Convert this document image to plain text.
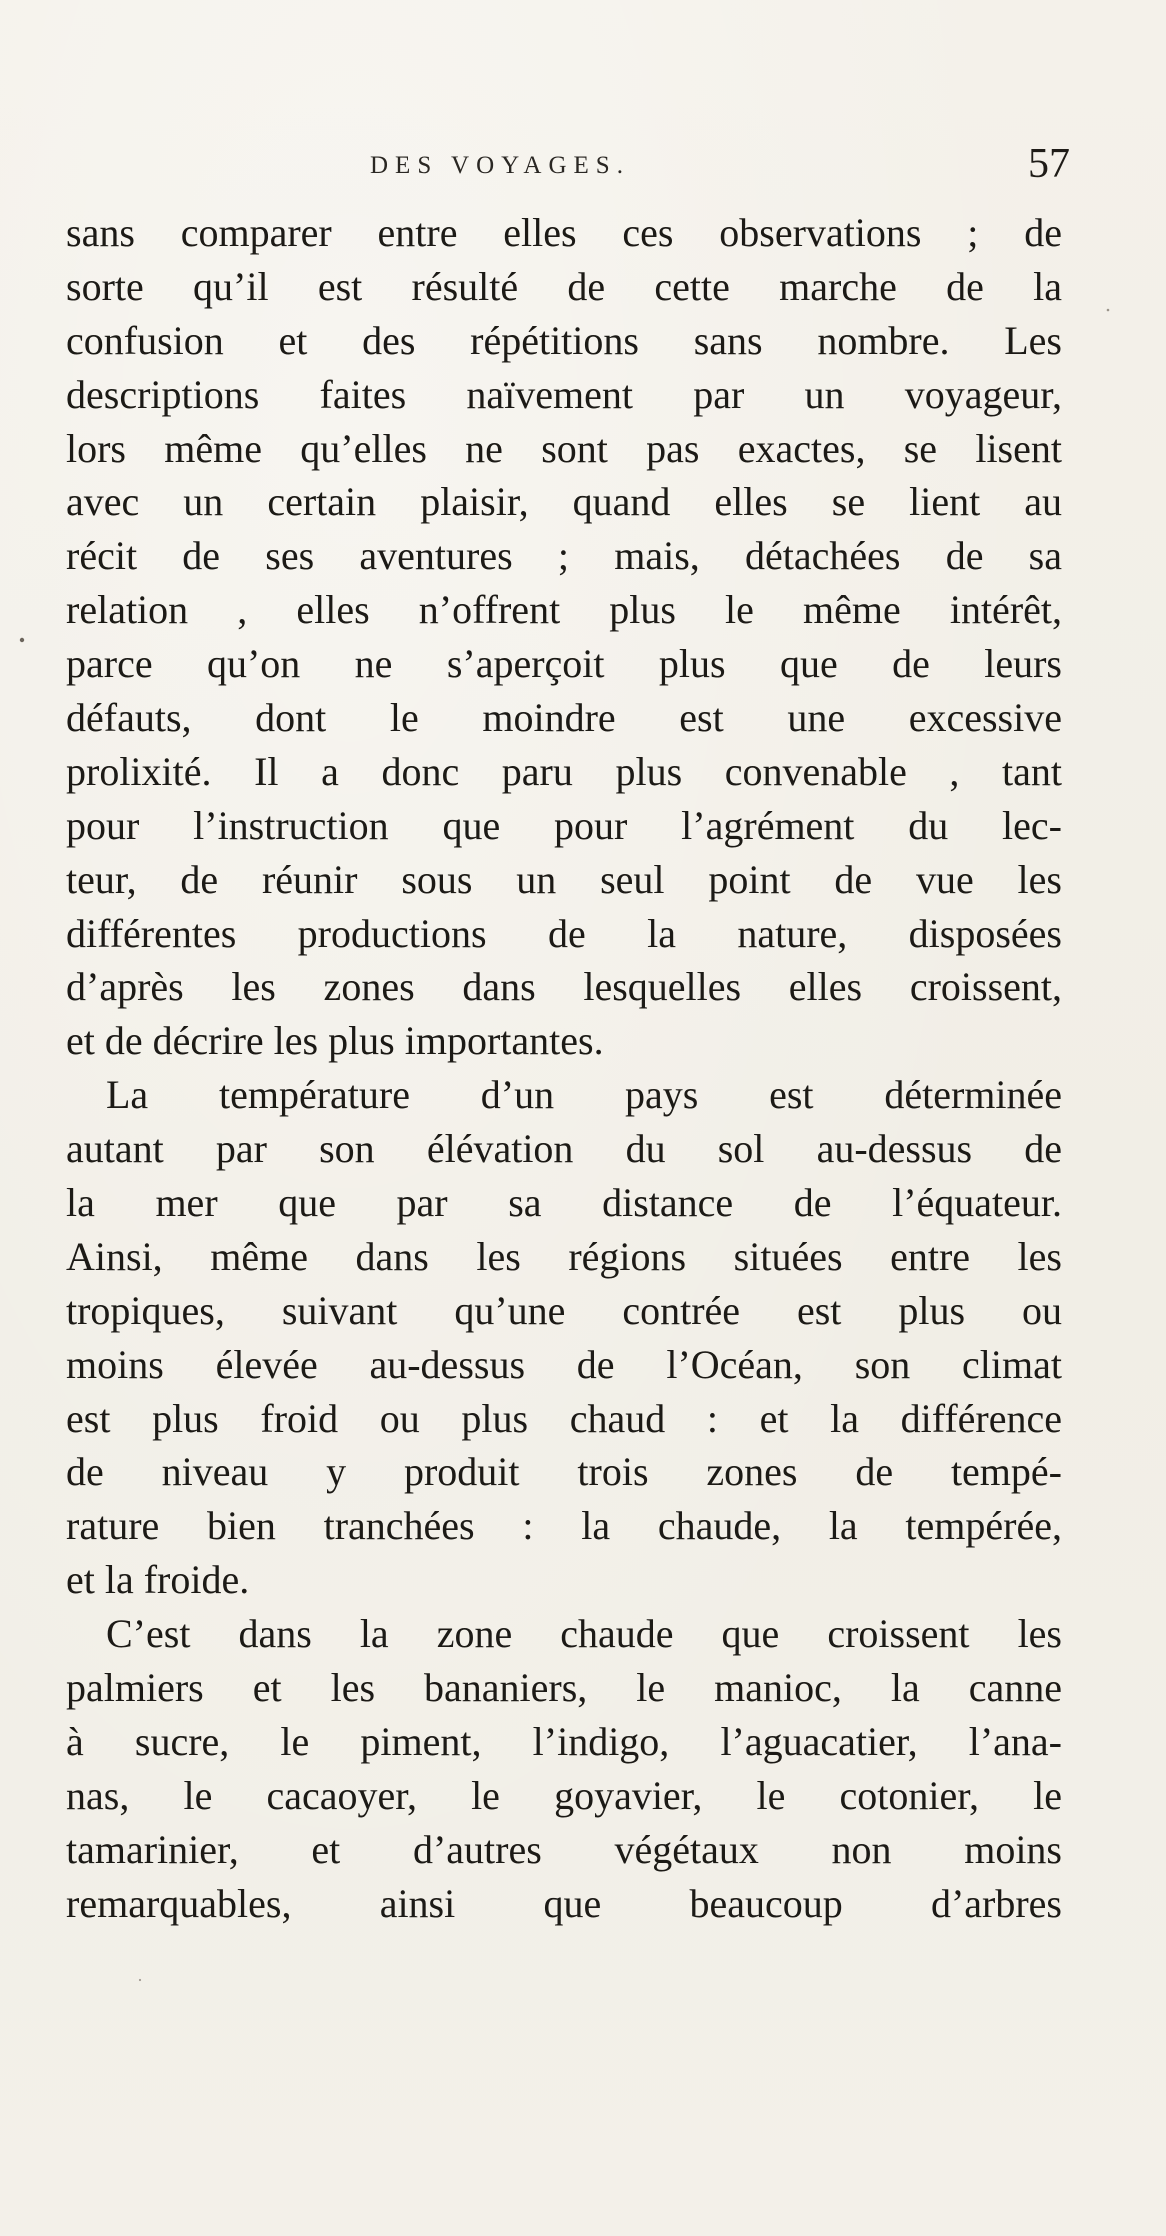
DES VOYAGES.	57
sans comparer entre elles ces observations ; de
sorte qu’il est résulté de cette marche de la
confusion et des répétitions sans nombre. Les
descriptions faites naïvement par un voyageur,
lors même qu’elles ne sont pas exactes, se lisent
avec un certain plaisir, quand elles se lient au
récit de ses aventures ; mais, détachées de sa
relation , elles n’offrent plus le même intérêt,
parce qu’on ne s’aperçoit plus que de leurs
défauts, dont le moindre est une excessive
prolixité. Il a donc paru plus convenable , tant
pour l’instruction que pour l’agrément du lec-
teur, de réunir sous un seul point de vue les
différentes productions de la nature, disposées
d’après les zones dans lesquelles elles croissent,
et de décrire les plus importantes.
La température d’un pays est déterminée
autant par son élévation du sol au-dessus de
la mer que par sa distance de l’équateur.
Ainsi, même dans les régions situées entre les
tropiques, suivant qu’une contrée est plus ou
moins élevée au-dessus de l’Océan, son climat
est plus froid ou plus chaud : et la différence
de niveau y produit trois zones de tempé-
rature bien tranchées : la chaude, la tempérée,
et la froide.
C’est dans la zone chaude que croissent les
palmiers et les bananiers, le manioc, la canne
à sucre, le piment, l’indigo, l’aguacatier, l’ana-
nas, le cacaoyer, le goyavier, le cotonier, le
tamarinier, et d’autres végétaux non moins
remarquables, ainsi que beaucoup d’arbres
